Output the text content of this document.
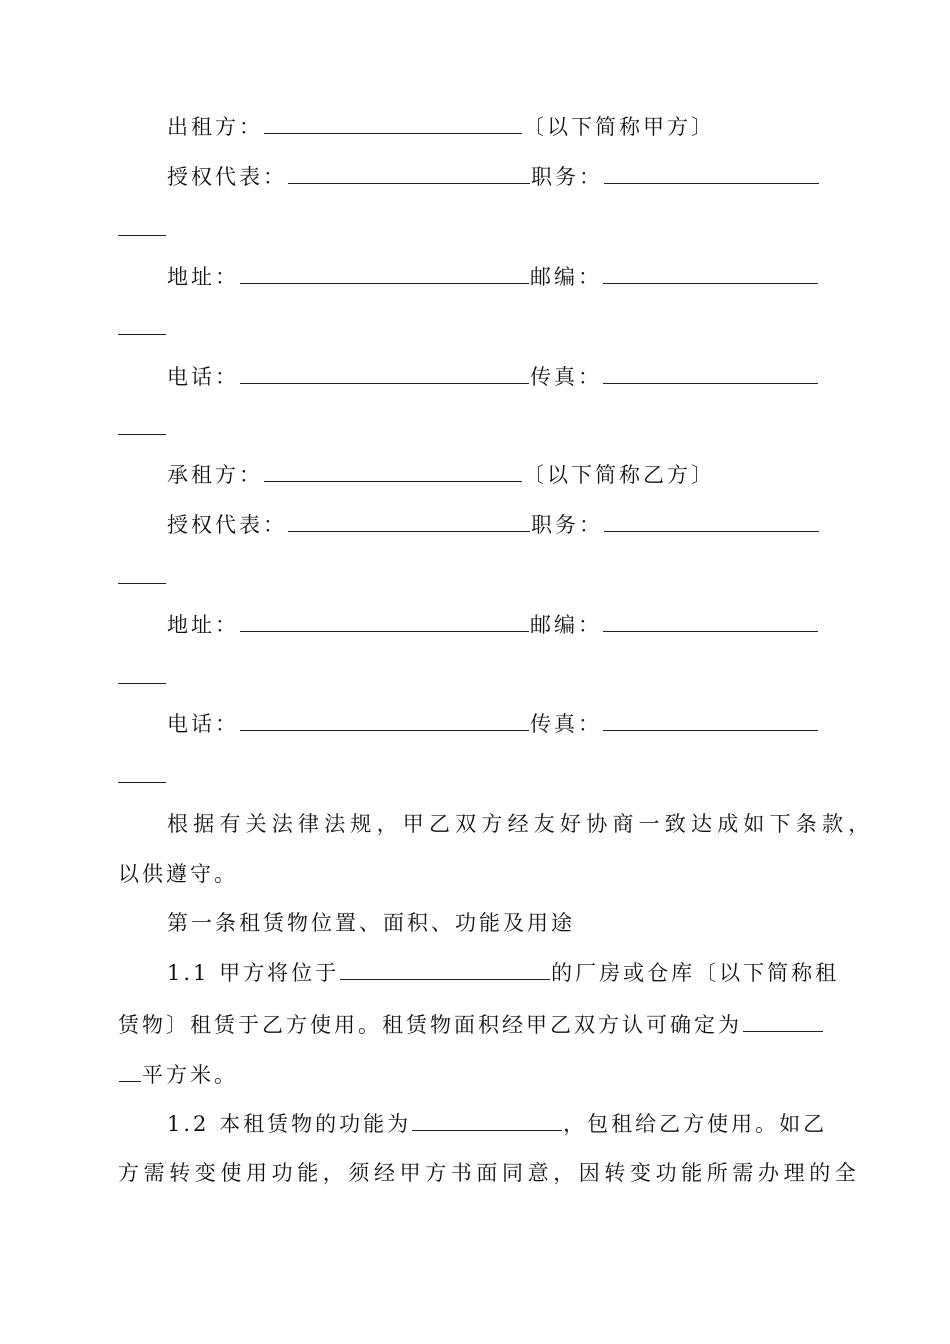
出租方：	〔以下简称甲方〕
授权代表：	职务：
地址：	邮编：
电话：	传真：
承租方：	〔以下简称乙方〕
授权代表：	职务：
地址：	邮编：
电话：	传真：
根据有关法律法规，甲乙双方经友好协商一致达成如下条款，
以供遵守。
第一条租赁物位置、面积、功能及用途
1.1 甲方将位于	的厂房或仓库〔以下简称租
赁物〕租赁于乙方使用。租赁物面积经甲乙双方认可确定为
平方米。
1.2 本租赁物的功能为	，包租给乙方使用。如乙
方需转变使用功能，须经甲方书面同意，因转变功能所需办理的全
